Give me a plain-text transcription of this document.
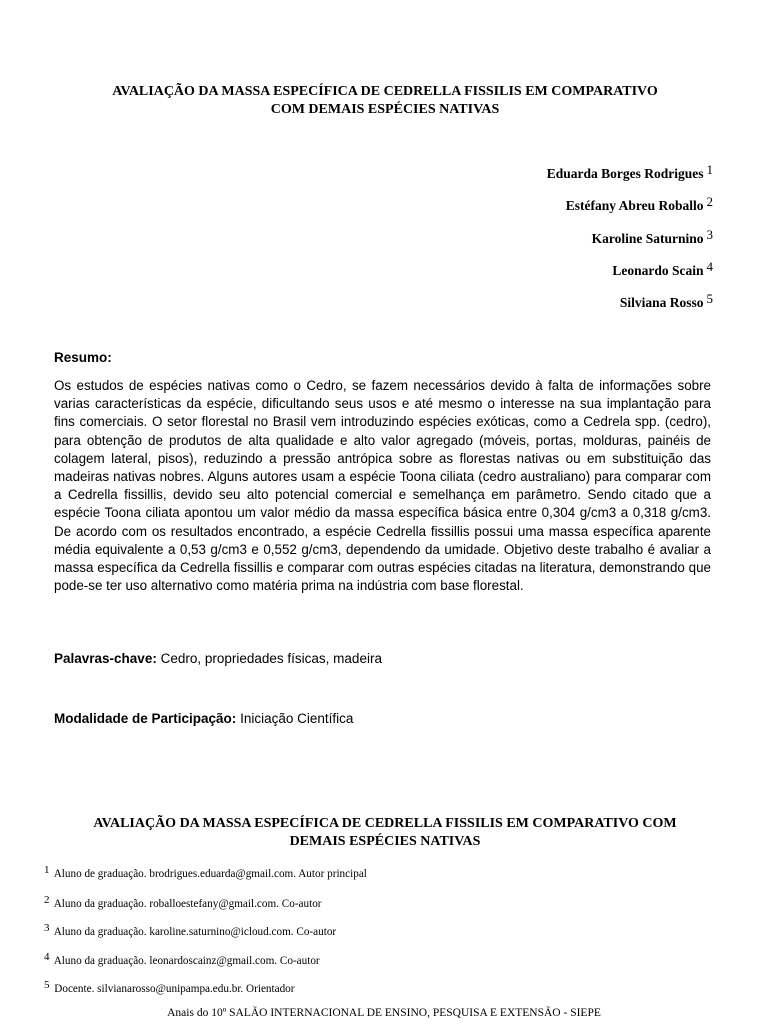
AVALIAÇÃO DA MASSA ESPECÍFICA DE CEDRELLA FISSILIS EM COMPARATIVO
COM DEMAIS ESPÉCIES NATIVAS
Eduarda Borges Rodrigues $^1$
Estéfany Abreu Roballo $^2$
Karoline Saturnino $^3$
Leonardo Scain $^4$
Silviana Rosso $^5$
Resumo:
Os estudos de espécies nativas como o Cedro, se fazem necessários devido à falta de informações sobre varias características da espécie, dificultando seus usos e até mesmo o interesse na sua implantação para fins comerciais. O setor florestal no Brasil vem introduzindo espécies exóticas, como a Cedrela spp. (cedro), para obtenção de produtos de alta qualidade e alto valor agregado (móveis, portas, molduras, painéis de colagem lateral, pisos), reduzindo a pressão antrópica sobre as florestas nativas ou em substituição das madeiras nativas nobres. Alguns autores usam a espécie Toona ciliata (cedro australiano) para comparar com a Cedrella fissillis, devido seu alto potencial comercial e semelhança em parâmetro. Sendo citado que a espécie Toona ciliata apontou um valor médio da massa específica básica entre 0,304 g/cm3 a 0,318 g/cm3. De acordo com os resultados encontrado, a espécie Cedrella fissillis possui uma massa específica aparente média equivalente a 0,53 g/cm3 e 0,552 g/cm3, dependendo da umidade. Objetivo deste trabalho é avaliar a massa específica da Cedrella fissillis e comparar com outras espécies citadas na literatura, demonstrando que pode-se ter uso alternativo como matéria prima na indústria com base florestal.
Palavras-chave: Cedro, propriedades físicas, madeira
Modalidade de Participação: Iniciação Científica
AVALIAÇÃO DA MASSA ESPECÍFICA DE CEDRELLA FISSILIS EM COMPARATIVO COM
DEMAIS ESPÉCIES NATIVAS
$^1$ Aluno de graduação. brodrigues.eduarda@gmail.com. Autor principal
$^2$ Aluno da graduação. roballoestefany@gmail.com. Co-autor
$^3$ Aluno da graduação. karoline.saturnino@icloud.com. Co-autor
$^4$ Aluno da graduação. leonardoscainz@gmail.com. Co-autor
$^5$ Docente. silvianarosso@unipampa.edu.br. Orientador
Anais do 10º SALÃO INTERNACIONAL DE ENSINO, PESQUISA E EXTENSÃO - SIEPE
